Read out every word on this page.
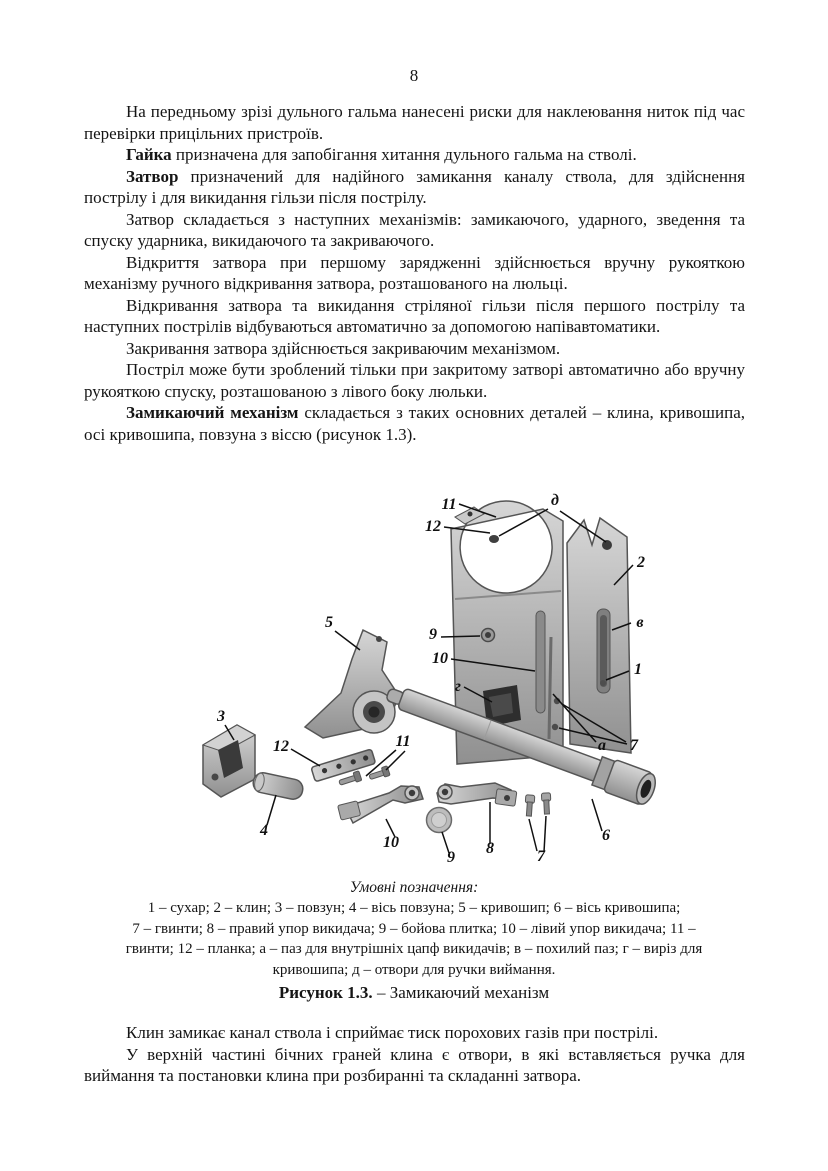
8

На передньому зрізі дульного гальма нанесені риски для наклеювання ниток під час перевірки прицільних пристроїв.

Гайка призначена для запобігання хитання дульного гальма на стволі.

Затвор призначений для надійного замикання каналу ствола, для здійснення пострілу і для викидання гільзи після пострілу.

Затвор складається з наступних механізмів: замикаючого, ударного, зведення та спуску ударника, викидаючого та закриваючого.

Відкриття затвора при першому зарядженні здійснюється вручну рукояткою механізму ручного відкривання затвора, розташованого на люльці.

Відкривання затвора та викидання стріляної гільзи після першого пострілу та наступних пострілів відбуваються автоматично за допомогою напівавтоматики.

Закривання затвора здійснюється закриваючим механізмом.

Постріл може бути зроблений тільки при закритому затворі автоматично або вручну рукояткою спуску, розташованою з лівого боку люльки.

Замикаючий механізм складається з таких основних деталей – клина, кривошипа, осі кривошипа, повзуна з віссю (рисунок 1.3).

11
12
д
2
в
5
9
10
1
г
3
12	11	а 7
4
10
9
8	7
6
Умовні позначення:
1 – сухар; 2 – клин; 3 – повзун; 4 – вісь повзуна; 5 – кривошип; 6 – вісь кривошипа;
7 – гвинти; 8 – правий упор викидача; 9 – бойова плитка; 10 – лівий упор викидача; 11 –
гвинти; 12 – планка; а – паз для внутрішніх цапф викидачів; в – похилий паз; г – виріз для
кривошипа; д – отвори для ручки виймання.
Рисунок 1.3. – Замикаючий механізм

Клин замикає канал ствола і сприймає тиск порохових газів при пострілі.

У верхній частині бічних граней клина є отвори, в які вставляється ручка для виймання та постановки клина при розбиранні та складанні затвора.
